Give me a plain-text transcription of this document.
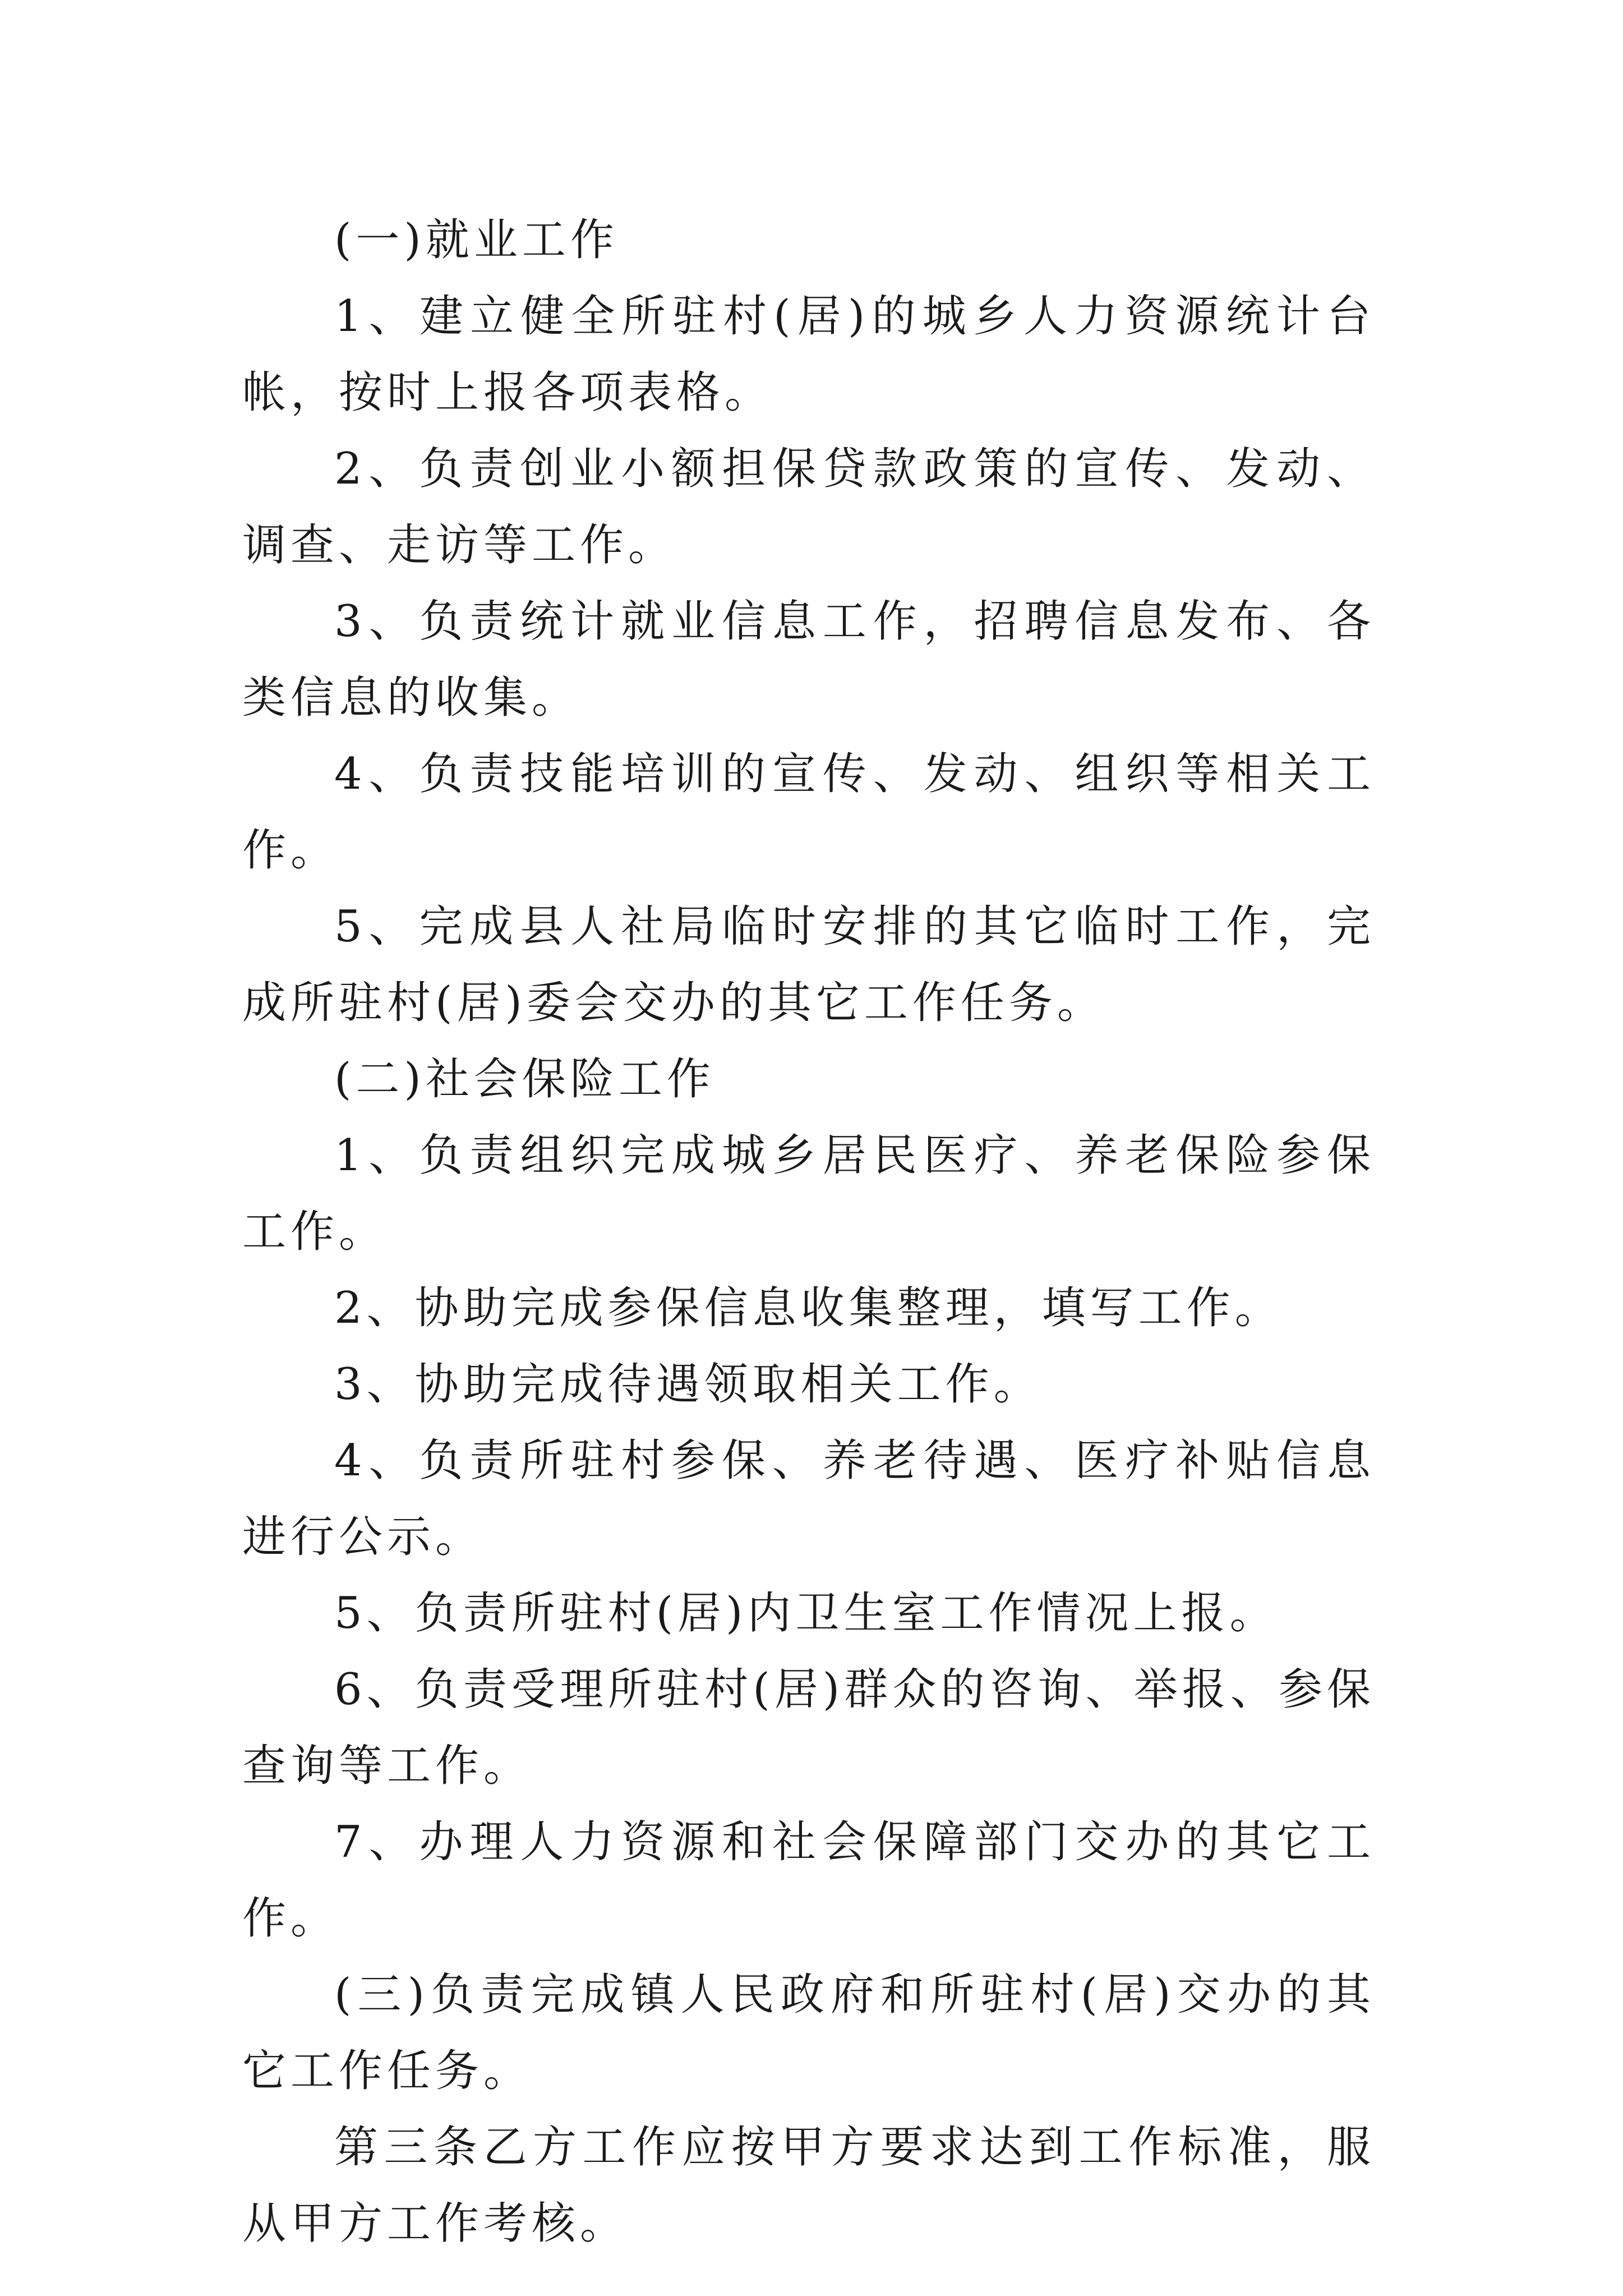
(一)就业工作

1、建立健全所驻村(居)的城乡人力资源统计台帐，按时上报各项表格。

2、负责创业小额担保贷款政策的宣传、发动、调查、走访等工作。

3、负责统计就业信息工作，招聘信息发布、各类信息的收集。

4、负责技能培训的宣传、发动、组织等相关工作。

5、完成县人社局临时安排的其它临时工作，完成所驻村(居)委会交办的其它工作任务。

(二)社会保险工作

1、负责组织完成城乡居民医疗、养老保险参保工作。

2、协助完成参保信息收集整理，填写工作。

3、协助完成待遇领取相关工作。

4、负责所驻村参保、养老待遇、医疗补贴信息进行公示。

5、负责所驻村(居)内卫生室工作情况上报。

6、负责受理所驻村(居)群众的咨询、举报、参保查询等工作。

7、办理人力资源和社会保障部门交办的其它工作。

(三)负责完成镇人民政府和所驻村(居)交办的其它工作任务。

第三条乙方工作应按甲方要求达到工作标准，服从甲方工作考核。
